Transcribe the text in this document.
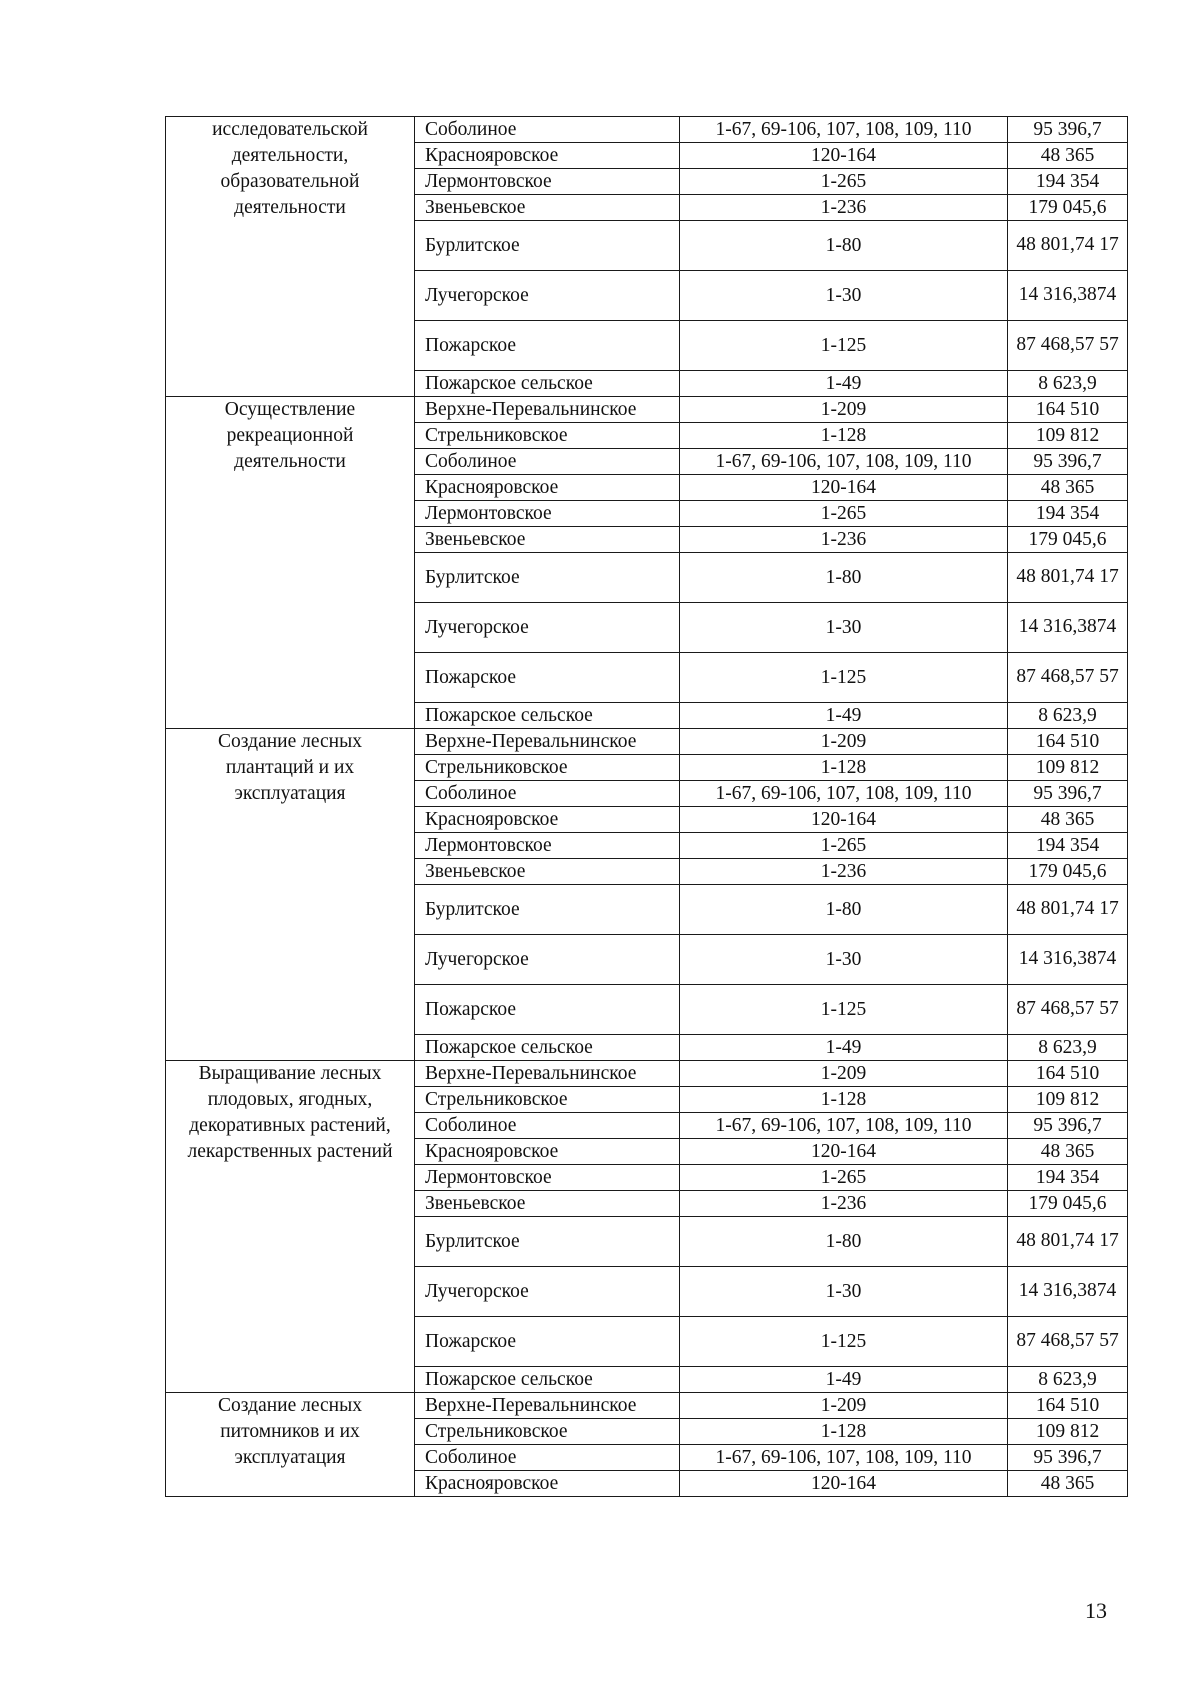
исследовательской деятельности, образовательной деятельности	Соболиное	1-67, 69-106, 107, 108, 109, 110	95 396,7
	Краснояровское	120-164	48 365
	Лермонтовское	1-265	194 354
	Звеньевское	1-236	179 045,6
	Бурлитское	1-80	48 801,74 17
	Лучегорское	1-30	14 316,3874
	Пожарское	1-125	87 468,57 57
	Пожарское сельское	1-49	8 623,9
Осуществление рекреационной деятельности	Верхне-Перевальнинское	1-209	164 510
	Стрельниковское	1-128	109 812
	Соболиное	1-67, 69-106, 107, 108, 109, 110	95 396,7
	Краснояровское	120-164	48 365
	Лермонтовское	1-265	194 354
	Звеньевское	1-236	179 045,6
	Бурлитское	1-80	48 801,74 17
	Лучегорское	1-30	14 316,3874
	Пожарское	1-125	87 468,57 57
	Пожарское сельское	1-49	8 623,9
Создание лесных плантаций и их эксплуатация	Верхне-Перевальнинское	1-209	164 510
	Стрельниковское	1-128	109 812
	Соболиное	1-67, 69-106, 107, 108, 109, 110	95 396,7
	Краснояровское	120-164	48 365
	Лермонтовское	1-265	194 354
	Звеньевское	1-236	179 045,6
	Бурлитское	1-80	48 801,74 17
	Лучегорское	1-30	14 316,3874
	Пожарское	1-125	87 468,57 57
	Пожарское сельское	1-49	8 623,9
Выращивание лесных плодовых, ягодных, декоративных растений, лекарственных растений	Верхне-Перевальнинское	1-209	164 510
	Стрельниковское	1-128	109 812
	Соболиное	1-67, 69-106, 107, 108, 109, 110	95 396,7
	Краснояровское	120-164	48 365
	Лермонтовское	1-265	194 354
	Звеньевское	1-236	179 045,6
	Бурлитское	1-80	48 801,74 17
	Лучегорское	1-30	14 316,3874
	Пожарское	1-125	87 468,57 57
	Пожарское сельское	1-49	8 623,9
Создание лесных питомников и их эксплуатация	Верхне-Перевальнинское	1-209	164 510
	Стрельниковское	1-128	109 812
	Соболиное	1-67, 69-106, 107, 108, 109, 110	95 396,7
	Краснояровское	120-164	48 365
13
